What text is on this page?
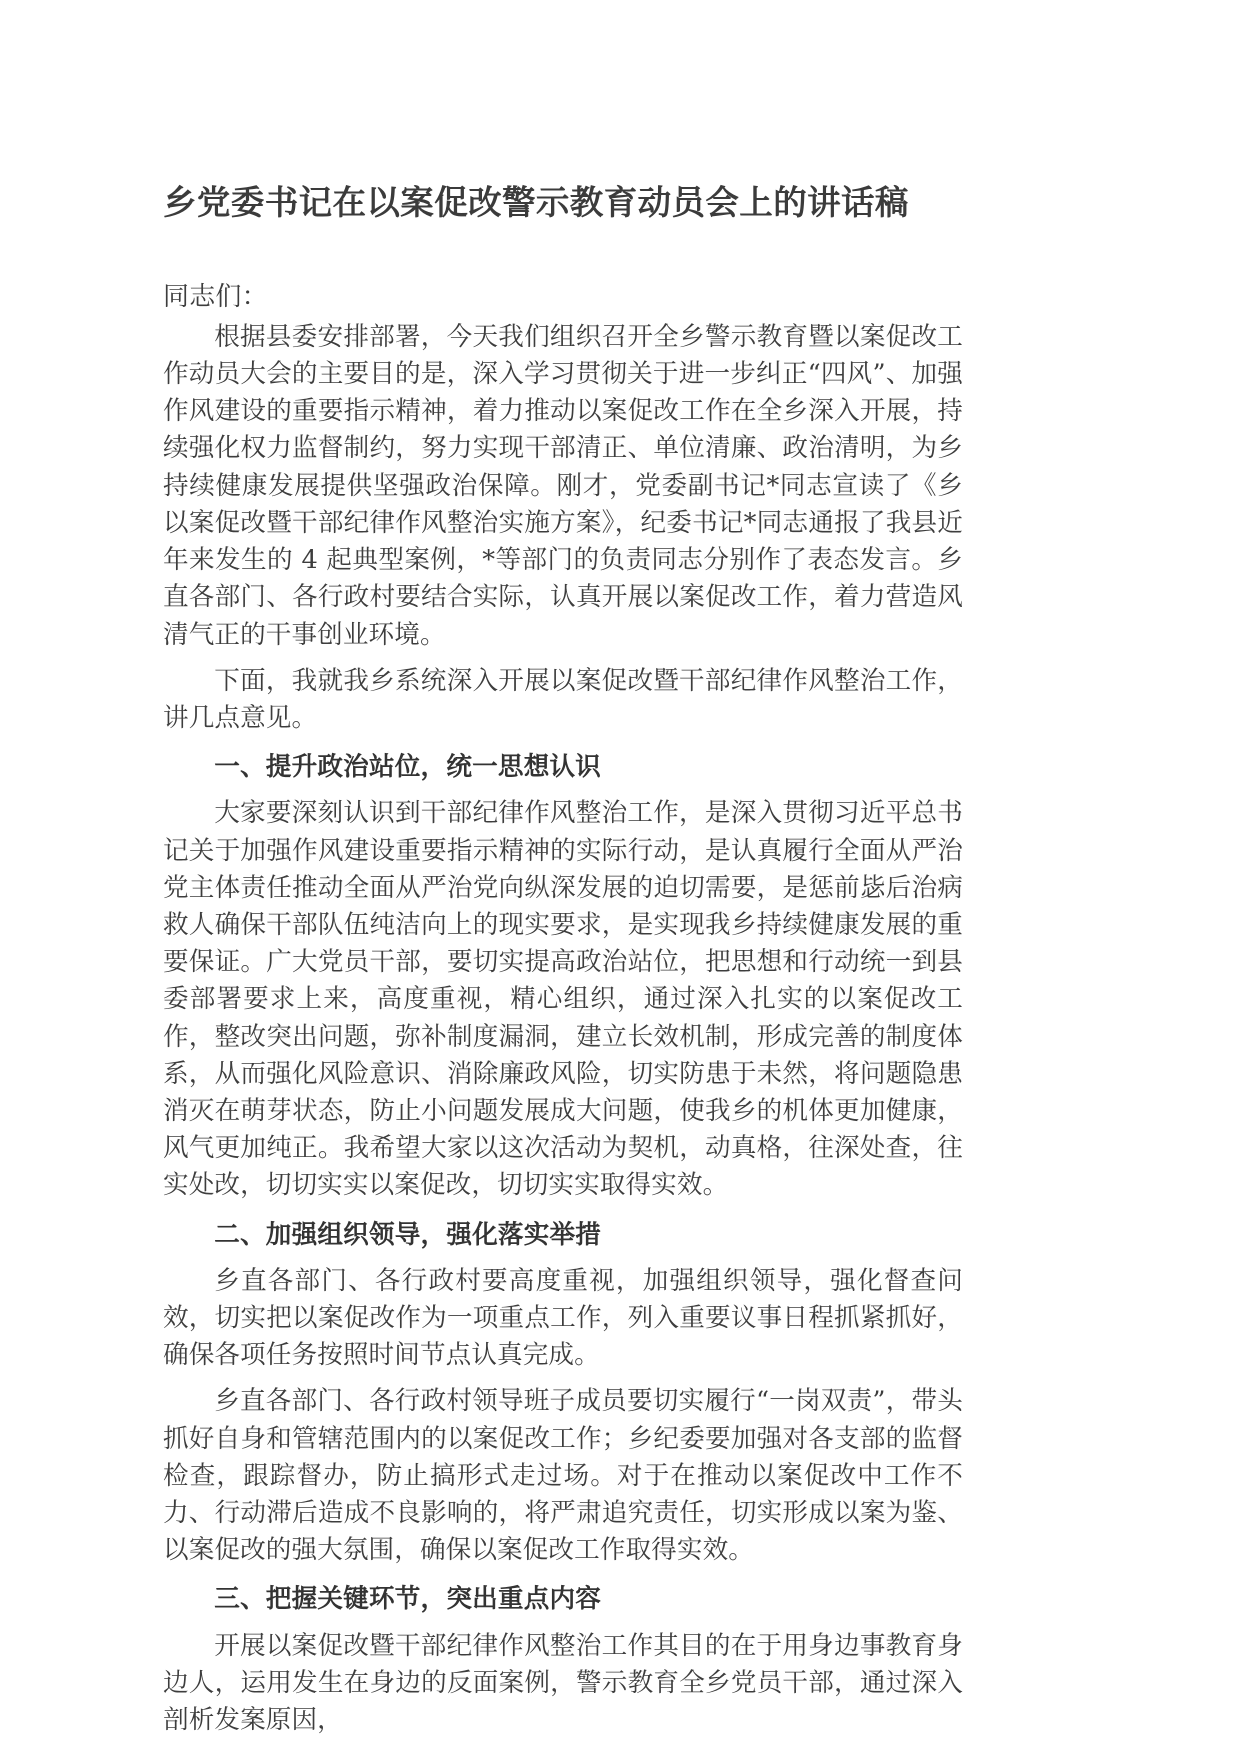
乡党委书记在以案促改警示教育动员会上的讲话稿
同志们：

根据县委安排部署，今天我们组织召开全乡警示教育暨以案促改工作动员大会的主要目的是，深入学习贯彻关于进一步纠正“四风”、加强作风建设的重要指示精神，着力推动以案促改工作在全乡深入开展，持续强化权力监督制约，努力实现干部清正、单位清廉、政治清明，为乡持续健康发展提供坚强政治保障。刚才，党委副书记*同志宣读了《乡以案促改暨干部纪律作风整治实施方案》，纪委书记*同志通报了我县近年来发生的 4 起典型案例，*等部门的负责同志分别作了表态发言。乡直各部门、各行政村要结合实际，认真开展以案促改工作，着力营造风清气正的干事创业环境。

下面，我就我乡系统深入开展以案促改暨干部纪律作风整治工作，讲几点意见。

一、提升政治站位，统一思想认识

大家要深刻认识到干部纪律作风整治工作，是深入贯彻习近平总书记关于加强作风建设重要指示精神的实际行动，是认真履行全面从严治党主体责任推动全面从严治党向纵深发展的迫切需要，是惩前毖后治病救人确保干部队伍纯洁向上的现实要求，是实现我乡持续健康发展的重要保证。广大党员干部，要切实提高政治站位，把思想和行动统一到县委部署要求上来，高度重视，精心组织，通过深入扎实的以案促改工作，整改突出问题，弥补制度漏洞，建立长效机制，形成完善的制度体系，从而强化风险意识、消除廉政风险，切实防患于未然，将问题隐患消灭在萌芽状态，防止小问题发展成大问题，使我乡的机体更加健康，风气更加纯正。我希望大家以这次活动为契机，动真格，往深处查，往实处改，切切实实以案促改，切切实实取得实效。

二、加强组织领导，强化落实举措

乡直各部门、各行政村要高度重视，加强组织领导，强化督查问效，切实把以案促改作为一项重点工作，列入重要议事日程抓紧抓好，确保各项任务按照时间节点认真完成。

乡直各部门、各行政村领导班子成员要切实履行“一岗双责”，带头抓好自身和管辖范围内的以案促改工作；乡纪委要加强对各支部的监督检查，跟踪督办，防止搞形式走过场。对于在推动以案促改中工作不力、行动滞后造成不良影响的，将严肃追究责任，切实形成以案为鉴、以案促改的强大氛围，确保以案促改工作取得实效。

三、把握关键环节，突出重点内容

开展以案促改暨干部纪律作风整治工作其目的在于用身边事教育身边人，运用发生在身边的反面案例，警示教育全乡党员干部，通过深入剖析发案原因，
